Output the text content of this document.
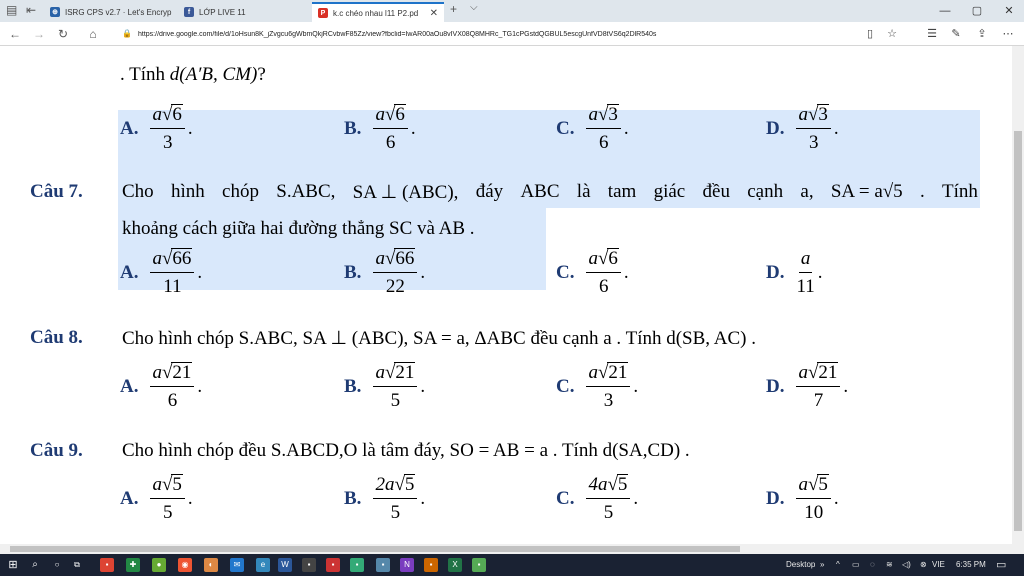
▤ ⇤ ⊕ ISRG CPS v2.7 · Let's Encryp	f	LỚP LIVE 11	P k.c chéo nhau l11 P2.pd ✕ + ⌵	—	▢	✕
← →	↻	⌂	🔒 https://drive.google.com/file/d/1oHsun8K_jZvgcu6gWbmQkjRCvbwF85Zz/view?fbclid=IwAR00aOu8vIVX08Q8MHRc_TG1cPGstdQGBUL5escgUnfVD8tVS6q2DlR540s	▯	☆	☰	✎	⇪	⋯
. Tính d(A′B, CM)?
A. $\frac{a√6}{3}$ .	B. $\frac{a√6}{6}$ .	C. $\frac{a√3}{6}$ .	D. $\frac{a√3}{3}$ .
Câu 7. Cho hình chóp S.ABC, SA ⊥ (ABC), đáy ABC là tam giác đều cạnh a, SA = a√5 . Tính
khoảng cách giữa hai đường thẳng SC và AB .
A. $\frac{a√66}{11}$ .	B. $\frac{a√66}{22}$ .	C. $\frac{a√6}{6}$ .	D. $\frac{a}{11}$ .
Câu 8. Cho hình chóp S.ABC, SA ⊥ (ABC), SA = a, ΔABC đều cạnh a . Tính d(SB, AC) .
A. $\frac{a√21}{6}$ .	B. $\frac{a√21}{5}$ .	C. $\frac{a√21}{3}$ .	D. $\frac{a√21}{7}$ .
Câu 9. Cho hình chóp đều S.ABCD,O là tâm đáy, SO = AB = a . Tính d(SA,CD) .
A. $\frac{a√5}{5}$ .	B. $\frac{2a√5}{5}$ .	C. $\frac{4a√5}{5}$ .	D. $\frac{a√5}{10}$ .
⊞	⌕	○	⧉	▪	✚	●	◉	◐	✉	e	W	▪	▪	▪	▪	N	▪	X	▪	Desktop » ^ ▭ ◌ ≋ ◁) ⊗ VIE 6:35 PM ▭
